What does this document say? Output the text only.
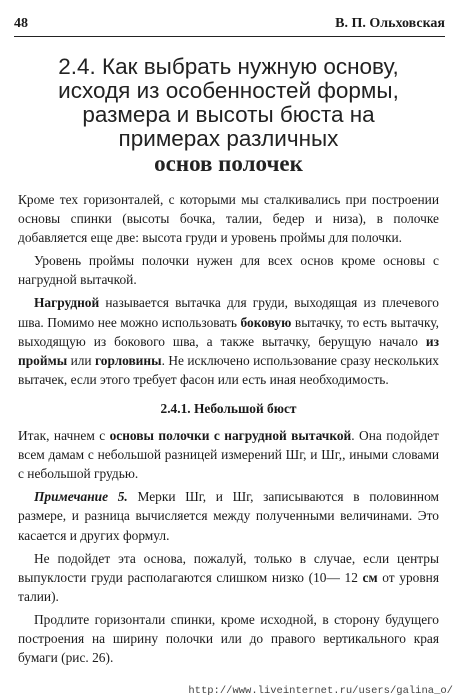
48	В. П. Ольховская
2.4. Как выбрать нужную основу, исходя из особенностей формы, размера и высоты бюста на примерах различных
основ полочек

Кроме тех горизонталей, с которыми мы сталкивались при построении основы спинки (высоты бочка, талии, бедер и низа), в полочке добавляется еще две: высота груди и уровень проймы для полочки.

Уровень проймы полочки нужен для всех основ кроме основы с нагрудной вытачкой.

Нагрудной называется вытачка для груди, выходящая из плечевого шва. Помимо нее можно использовать боковую вытачку, то есть вытачку, выходящую из бокового шва, а также вытачку, берущую начало из проймы или горловины. Не исключено использование сразу нескольких вытачек, если этого требует фасон или есть иная необходимость.

2.4.1. Небольшой бюст

Итак, начнем с основы полочки с нагрудной вытачкой. Она подойдет всем дамам с небольшой разницей измерений Шг, и Шг,, иными словами с небольшой грудью.

Примечание 5. Мерки Шг, и Шг, записываются в половинном размере, и разница вычисляется между полученными величинами. Это касается и других формул.

Не подойдет эта основа, пожалуй, только в случае, если центры выпуклости груди располагаются слишком низко (10— 12 см от уровня талии).

Продлите горизонтали спинки, кроме исходной, в сторону будущего построения на ширину полочки или до правого вертикального края бумаги (рис. 26).

http://www.liveinternet.ru/users/galina_o/
